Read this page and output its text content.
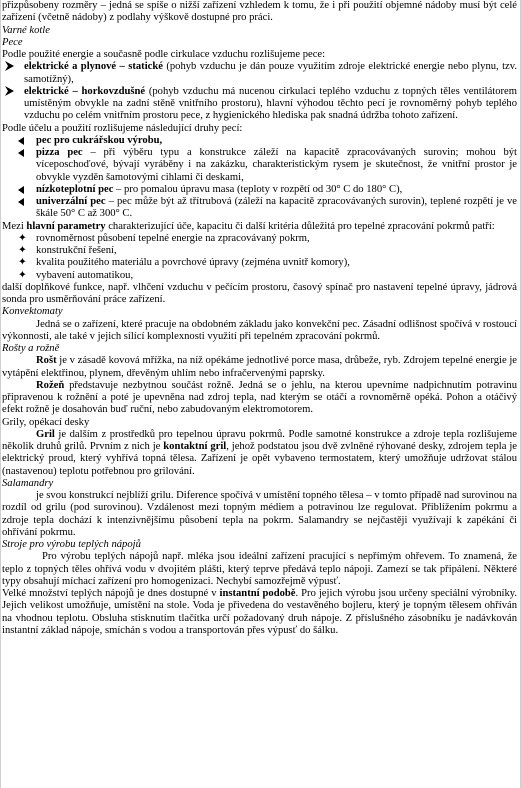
přizpůsobeny rozměry – jedná se spíše o nižší zařízení vzhledem k tomu, že i při použití objemné nádoby musí být celé zařízení (včetně nádoby) z podlahy výškově dostupné pro práci.

Varné kotle

Pece

Podle použité energie a současně podle cirkulace vzduchu rozlišujeme pece:

elektrické a plynové – statické (pohyb vzduchu je dán pouze využitím zdroje elektrické energie nebo plynu, tzv. samotížný),
elektrické – horkovzdušné (pohyb vzduchu má nucenou cirkulaci teplého vzduchu z topných těles ventilátorem umístěným obvykle na zadní stěně vnitřního prostoru), hlavní výhodou těchto pecí je rovnoměrný pohyb teplého vzduchu po celém vnitřním prostoru pece, z hygienického hlediska pak snadná údržba tohoto zařízení.

Podle účelu a použití rozlišujeme následující druhy pecí:

pec pro cukrářskou výrobu,
pizza pec – při výběru typu a konstrukce záleží na kapacitě zpracovávaných surovin; mohou být víceposchoďové, bývají vyráběny i na zakázku, charakteristickým rysem je skutečnost, že vnitřní prostor je obvykle vyzděn šamotovými cihlami či deskami,
nízkoteplotní pec – pro pomalou úpravu masa (teploty v rozpětí od 30° C do 180° C),
univerzální pec – pec může být až třítrubová (záleží na kapacitě zpracovávaných surovin), teplené rozpětí je ve škále 50° C až 300° C.

Mezi hlavní parametry charakterizující úče, kapacitu či další kritéria důležitá pro tepelné zpracování pokrmů patří:

✦ rovnoměrnost působení tepelné energie na zpracovávaný pokrm,
✦ konstrukční řešení,
✦ kvalita použitého materiálu a povrchové úpravy (zejména uvnitř komory),
✦ vybavení automatikou,

další doplňkové funkce, např. vlhčení vzduchu v pečícím prostoru, časový spínač pro nastavení tepelné úpravy, jádrová sonda pro usměrňování práce zařízení.

Konvektomaty

Jedná se o zařízení, které pracuje na obdobném základu jako konvekční pec. Zásadní odlišnost spočívá v rostoucí výkonnosti, ale také v jejich sílící komplexnosti využití při tepelném zpracování pokrmů.

Rošty a rožně

Rošt je v zásadě kovová mřížka, na níž opékáme jednotlivé porce masa, drůbeže, ryb. Zdrojem tepelné energie je vytápění elektřinou, plynem, dřevěným uhlím nebo infračervenými paprsky.

Rožeň představuje nezbytnou součást rožně. Jedná se o jehlu, na kterou upevníme nadpichnutím potravinu připravenou k rožnění a poté je upevněna nad zdroj tepla, nad kterým se otáčí a rovnoměrně opéká. Pohon a otáčivý efekt rožně je dosahován buď ruční, nebo zabudovaným elektromotorem.

Grily, opékací desky

Gril je dalším z prostředků pro tepelnou úpravu pokrmů. Podle samotné konstrukce a zdroje tepla rozlišujeme několik druhů grilů. Prvním z nich je kontaktní gril, jehož podstatou jsou dvě zvlněné rýhované desky, zdrojem tepla je elektrický proud, který vyhřívá topná tělesa. Zařízení je opět vybaveno termostatem, který umožňuje udržovat stálou (nastavenou) teplotu potřebnou pro grilování.

Salamandry

je svou konstrukcí nejblíží grilu. Diference spočívá v umístění topného tělesa – v tomto případě nad surovinou na rozdíl od grilu (pod surovinou). Vzdálenost mezi topným médiem a potravinou lze regulovat. Přiblížením pokrmu a zdroje tepla dochází k intenzivnějšímu působení tepla na pokrm. Salamandry se nejčastěji využívají k zapékání či ohřívání pokrmu.

Stroje pro výrobu teplých nápojů

Pro výrobu teplých nápojů např. mléka jsou ideální zařízení pracující s nepřímým ohřevem. To znamená, že teplo z topných těles ohřívá vodu v dvojitém plášti, který teprve předává teplo nápoji. Zamezí se tak připálení. Některé typy obsahují míchací zařízení pro homogenizaci. Nechybí samozřejmě výpusť.

Velké množství teplých nápojů je dnes dostupné v instantní podobě. Pro jejich výrobu jsou určeny speciální výrobníky. Jejich velikost umožňuje, umístění na stole. Voda je přivedena do vestavěného bojleru, který je topným tělesem ohříván na vhodnou teplotu. Obsluha stisknutím tlačítka určí požadovaný druh nápoje. Z příslušného zásobníku je nadávkován instantní základ nápoje, smíchán s vodou a transportován přes výpusť do šálku.
